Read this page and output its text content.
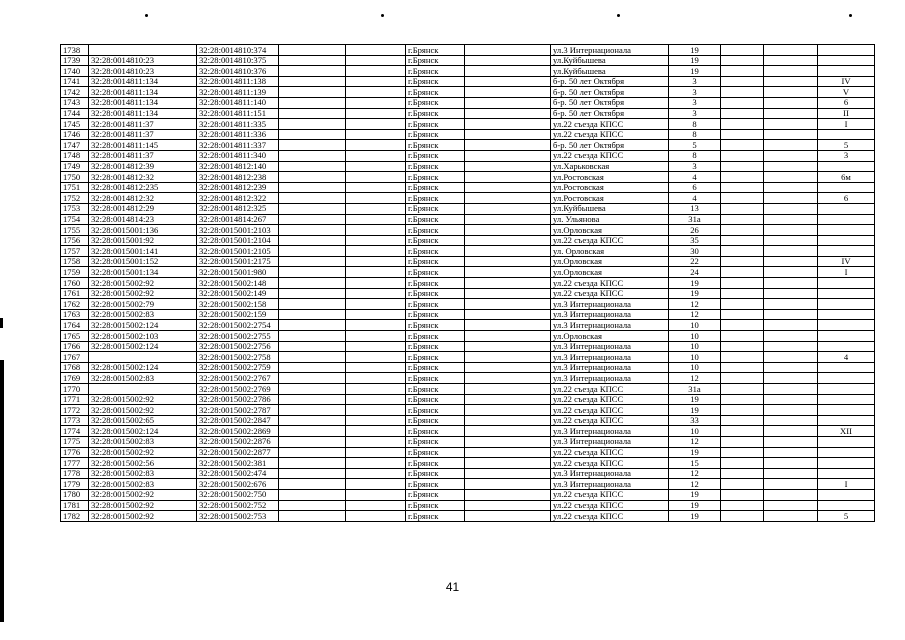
1738		32:28:0014810:374			г.Брянск		ул.3 Интернационала	19			
1739	32:28:0014810:23	32:28:0014810:375			г.Брянск		ул.Куйбышева	19			
1740	32:28:0014810:23	32:28:0014810:376			г.Брянск		ул.Куйбышева	19			
1741	32:28:0014811:134	32:28:0014811:138			г.Брянск		б-р. 50 лет Октября	3			IV
1742	32:28:0014811:134	32:28:0014811:139			г.Брянск		б-р. 50 лет Октября	3			V
1743	32:28:0014811:134	32:28:0014811:140			г.Брянск		б-р. 50 лет Октября	3			6
1744	32:28:0014811:134	32:28:0014811:151			г.Брянск		б-р. 50 лет Октября	3			II
1745	32:28:0014811:37	32:28:0014811:335			г.Брянск		ул.22 съезда КПСС	8			I
1746	32:28:0014811:37	32:28:0014811:336			г.Брянск		ул.22 съезда КПСС	8			
1747	32:28:0014811:145	32:28:0014811:337			г.Брянск		б-р. 50 лет Октября	5			5
1748	32:28:0014811:37	32:28:0014811:340			г.Брянск		ул.22 съезда КПСС	8			3
1749	32:28:0014812:39	32:28:0014812:140			г.Брянск		ул.Харьковская	3			
1750	32:28:0014812:32	32:28:0014812:238			г.Брянск		ул.Ростовская	4			6м
1751	32:28:0014812:235	32:28:0014812:239			г.Брянск		ул.Ростовская	6			
1752	32:28:0014812:32	32:28:0014812:322			г.Брянск		ул.Ростовская	4			6
1753	32:28:0014812:29	32:28:0014812:325			г.Брянск		ул.Куйбышева	13			
1754	32:28:0014814:23	32:28:0014814:267			г.Брянск		ул. Ульянова	31а			
1755	32:28:0015001:136	32:28:0015001:2103			г.Брянск		ул.Орловская	26			
1756	32:28:0015001:92	32:28:0015001:2104			г.Брянск		ул.22 съезда КПСС	35			
1757	32:28:0015001:141	32:28:0015001:2105			г.Брянск		ул. Орловская	30			
1758	32:28:0015001:152	32:28:0015001:2175			г.Брянск		ул.Орловская	22			IV
1759	32:28:0015001:134	32:28:0015001:980			г.Брянск		ул.Орловская	24			I
1760	32:28:0015002:92	32:28:0015002:148			г.Брянск		ул.22 съезда КПСС	19			
1761	32:28:0015002:92	32:28:0015002:149			г.Брянск		ул.22 съезда КПСС	19			
1762	32:28:0015002:79	32:28:0015002:158			г.Брянск		ул.3 Интернационала	12			
1763	32:28:0015002:83	32:28:0015002:159			г.Брянск		ул.3 Интернационала	12			
1764	32:28:0015002:124	32:28:0015002:2754			г.Брянск		ул.3 Интернационала	10			
1765	32:28:0015002:103	32:28:0015002:2755			г.Брянск		ул.Орловская	10			
1766	32:28:0015002:124	32:28:0015002:2756			г.Брянск		ул.3 Интернационала	10			
1767		32:28:0015002:2758			г.Брянск		ул.3 Интернационала	10			4
1768	32:28:0015002:124	32:28:0015002:2759			г.Брянск		ул.3 Интернационала	10			
1769	32:28:0015002:83	32:28:0015002:2767			г.Брянск		ул.3 Интернационала	12			
1770		32:28:0015002:2769			г.Брянск		ул.22 съезда КПСС	31а			
1771	32:28:0015002:92	32:28:0015002:2786			г.Брянск		ул.22 съезда КПСС	19			
1772	32:28:0015002:92	32:28:0015002:2787			г.Брянск		ул.22 съезда КПСС	19			
1773	32:28:0015002:65	32:28:0015002:2847			г.Брянск		ул.22 съезда КПСС	33			
1774	32:28:0015002:124	32:28:0015002:2869			г.Брянск		ул.3 Интернационала	10			XII
1775	32:28:0015002:83	32:28:0015002:2876			г.Брянск		ул.3 Интернационала	12			
1776	32:28:0015002:92	32:28:0015002:2877			г.Брянск		ул.22 съезда КПСС	19			
1777	32:28:0015002:56	32:28:0015002:381			г.Брянск		ул.22 съезда КПСС	15			
1778	32:28:0015002:83	32:28:0015002:474			г.Брянск		ул.3 Интернационала	12			
1779	32:28:0015002:83	32:28:0015002:676			г.Брянск		ул.3 Интернационала	12			I
1780	32:28:0015002:92	32:28:0015002:750			г.Брянск		ул.22 съезда КПСС	19			
1781	32:28:0015002:92	32:28:0015002:752			г.Брянск		ул.22 съезда КПСС	19			
1782	32:28:0015002:92	32:28:0015002:753			г.Брянск		ул.22 съезда КПСС	19			5
41
